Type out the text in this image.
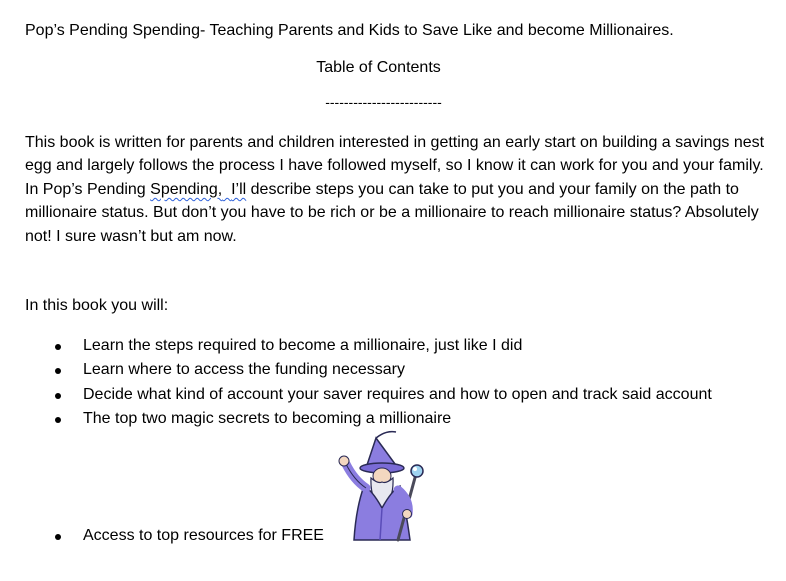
Pop’s Pending Spending- Teaching Parents and Kids to Save Like and become Millionaires.
Table of Contents
-------------------------
This book is written for parents and children interested in getting an early start on building a savings nest egg and largely follows the process I have followed myself, so I know it can work for you and your family. In Pop’s Pending Spending, I’ll describe steps you can take to put you and your family on the path to millionaire status. But don’t you have to be rich or be a millionaire to reach millionaire status? Absolutely not! I sure wasn’t but am now.
In this book you will:
Learn the steps required to become a millionaire, just like I did
Learn where to access the funding necessary
Decide what kind of account your saver requires and how to open and track said account
The top two magic secrets to becoming a millionaire
Access to top resources for FREE
